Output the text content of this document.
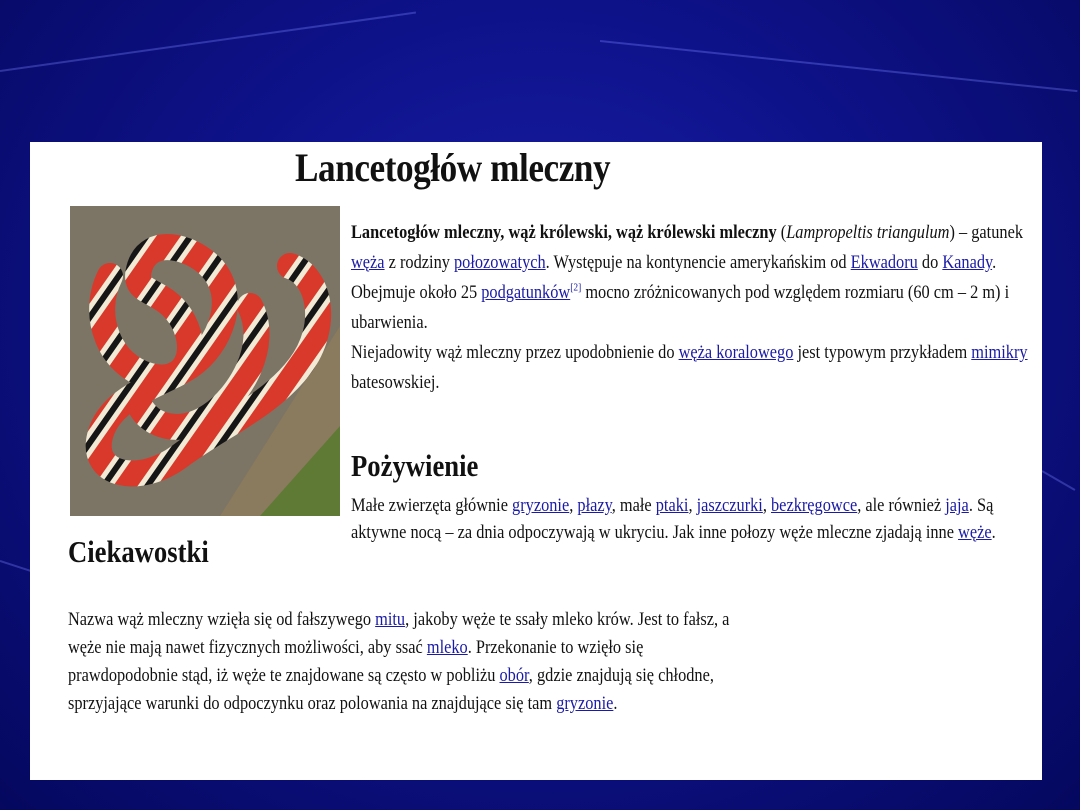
Lancetogłów mleczny
Lancetogłów mleczny, wąż królewski, wąż królewski mleczny (Lampropeltis triangulum) – gatunek węża z rodziny połozowatych. Występuje na kontynencie amerykańskim od Ekwadoru do Kanady. Obejmuje około 25 podgatunków[2] mocno zróżnicowanych pod względem rozmiaru (60 cm – 2 m) i ubarwienia.
Niejadowity wąż mleczny przez upodobnienie do węża koralowego jest typowym przykładem mimikry batesowskiej.
Pożywienie
Małe zwierzęta głównie gryzonie, płazy, małe ptaki, jaszczurki, bezkręgowce, ale również jaja. Są aktywne nocą – za dnia odpoczywają w ukryciu. Jak inne połozy węże mleczne zjadają inne węże.
Ciekawostki
Nazwa wąż mleczny wzięła się od fałszywego mitu, jakoby węże te ssały mleko krów. Jest to fałsz, a węże nie mają nawet fizycznych możliwości, aby ssać mleko. Przekonanie to wzięło się prawdopodobnie stąd, iż węże te znajdowane są często w pobliżu obór, gdzie znajdują się chłodne, sprzyjające warunki do odpoczynku oraz polowania na znajdujące się tam gryzonie.
